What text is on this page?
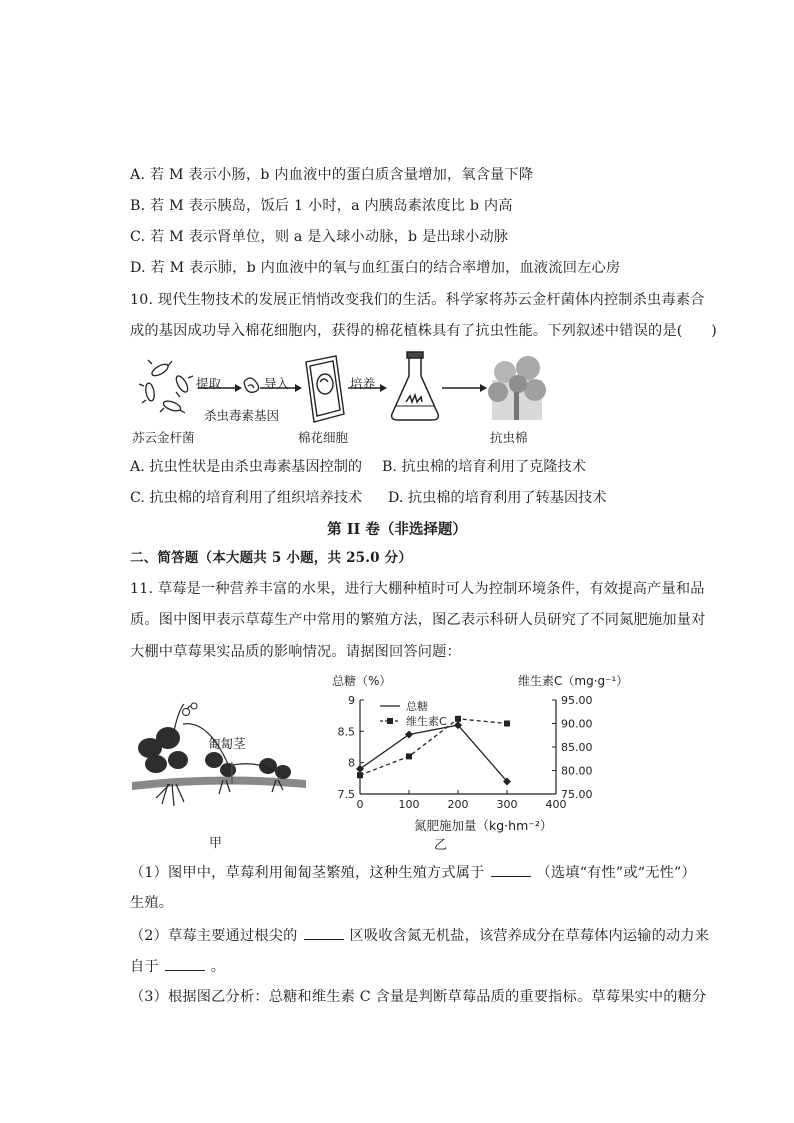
A. 若 M 表示小肠，b 内血液中的蛋白质含量增加，氧含量下降
B. 若 M 表示胰岛，饭后 1 小时，a 内胰岛素浓度比 b 内高
C. 若 M 表示肾单位，则 a 是入球小动脉，b 是出球小动脉
D. 若 M 表示肺，b 内血液中的氧与血红蛋白的结合率增加，血液流回左心房
10. 现代生物技术的发展正悄悄改变我们的生活。科学家将苏云金杆菌体内控制杀虫毒素合
成的基因成功导入棉花细胞内，获得的棉花植株具有了抗虫性能。下列叙述中错误的是(　　)
提取	导入	培养
杀虫毒素基因
苏云金杆菌	棉花细胞	抗虫棉
A. 抗虫性状是由杀虫毒素基因控制的 B. 抗虫棉的培育利用了克隆技术
C. 抗虫棉的培育利用了组织培养技术 D. 抗虫棉的培育利用了转基因技术
第 II 卷（非选择题）
二、简答题（本大题共 5 小题，共 25.0 分）
11. 草莓是一种营养丰富的水果，进行大棚种植时可人为控制环境条件，有效提高产量和品
质。图中图甲表示草莓生产中常用的繁殖方法，图乙表示科研人员研究了不同氮肥施加量对
大棚中草莓果实品质的影响情况。请据图回答问题：
匍匐茎
甲
0	100	200	300	400
7.5
8
8.5
9
75.00
80.00
85.00
90.00
95.00
总糖
维生素C
总糖（%）	维生素C（mg·g⁻¹）
氮肥施加量（kg·hm⁻²）
乙
（1）图甲中，草莓利用匍匐茎繁殖，这种生殖方式属于	（选填“有性”或“无性”）
生殖。
（2）草莓主要通过根尖的	区吸收含氮无机盐，该营养成分在草莓体内运输的动力来
自于	。
（3）根据图乙分析：总糖和维生素 C 含量是判断草莓品质的重要指标。草莓果实中的糖分
